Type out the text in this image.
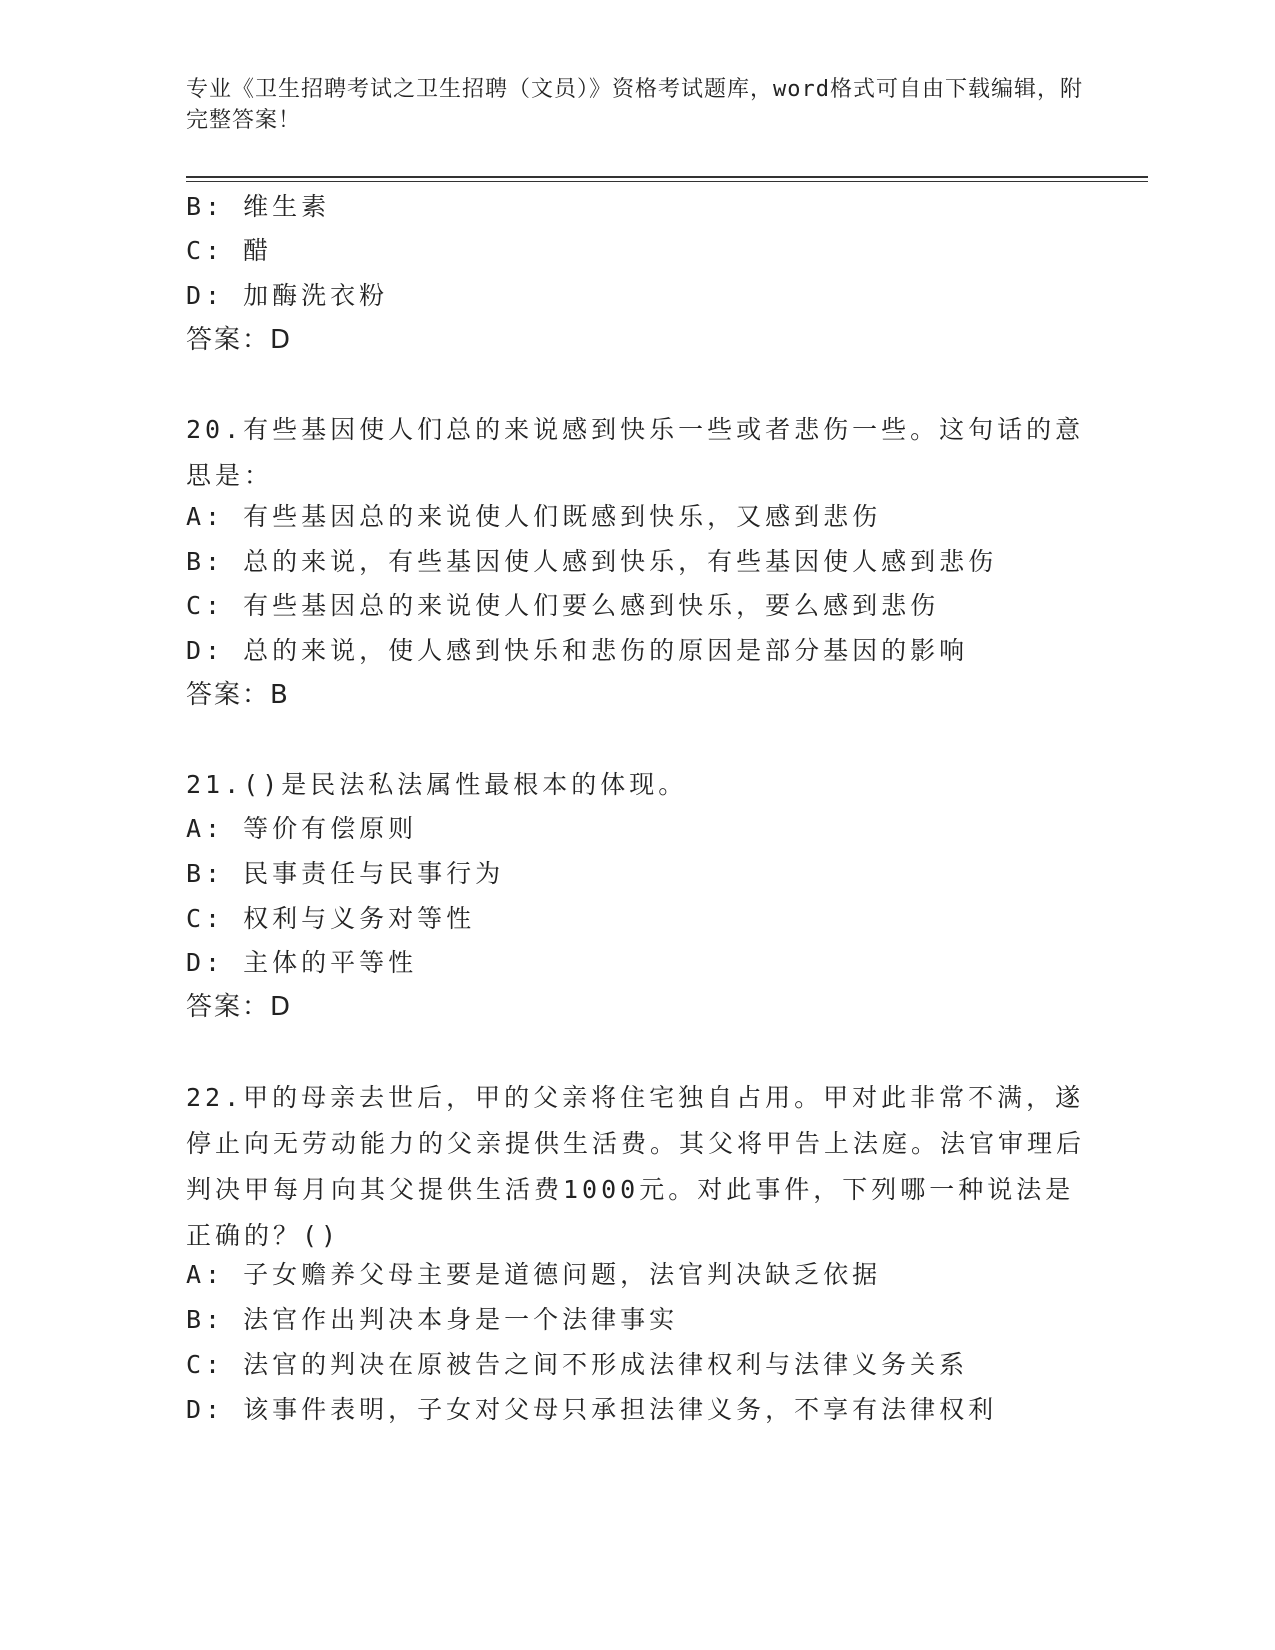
专业《卫生招聘考试之卫生招聘（文员）》资格考试题库，word格式可自由下载编辑，附完整答案！
B: 维生素
C: 醋
D: 加酶洗衣粉
答案：D
20.有些基因使人们总的来说感到快乐一些或者悲伤一些。这句话的意思是：
A: 有些基因总的来说使人们既感到快乐，又感到悲伤
B: 总的来说，有些基因使人感到快乐，有些基因使人感到悲伤
C: 有些基因总的来说使人们要么感到快乐，要么感到悲伤
D: 总的来说，使人感到快乐和悲伤的原因是部分基因的影响
答案：B
21.()是民法私法属性最根本的体现。
A: 等价有偿原则
B: 民事责任与民事行为
C: 权利与义务对等性
D: 主体的平等性
答案：D
22.甲的母亲去世后，甲的父亲将住宅独自占用。甲对此非常不满，遂停止向无劳动能力的父亲提供生活费。其父将甲告上法庭。法官审理后判决甲每月向其父提供生活费1000元。对此事件，下列哪一种说法是正确的？()
A: 子女赡养父母主要是道德问题，法官判决缺乏依据
B: 法官作出判决本身是一个法律事实
C: 法官的判决在原被告之间不形成法律权利与法律义务关系
D: 该事件表明，子女对父母只承担法律义务，不享有法律权利
